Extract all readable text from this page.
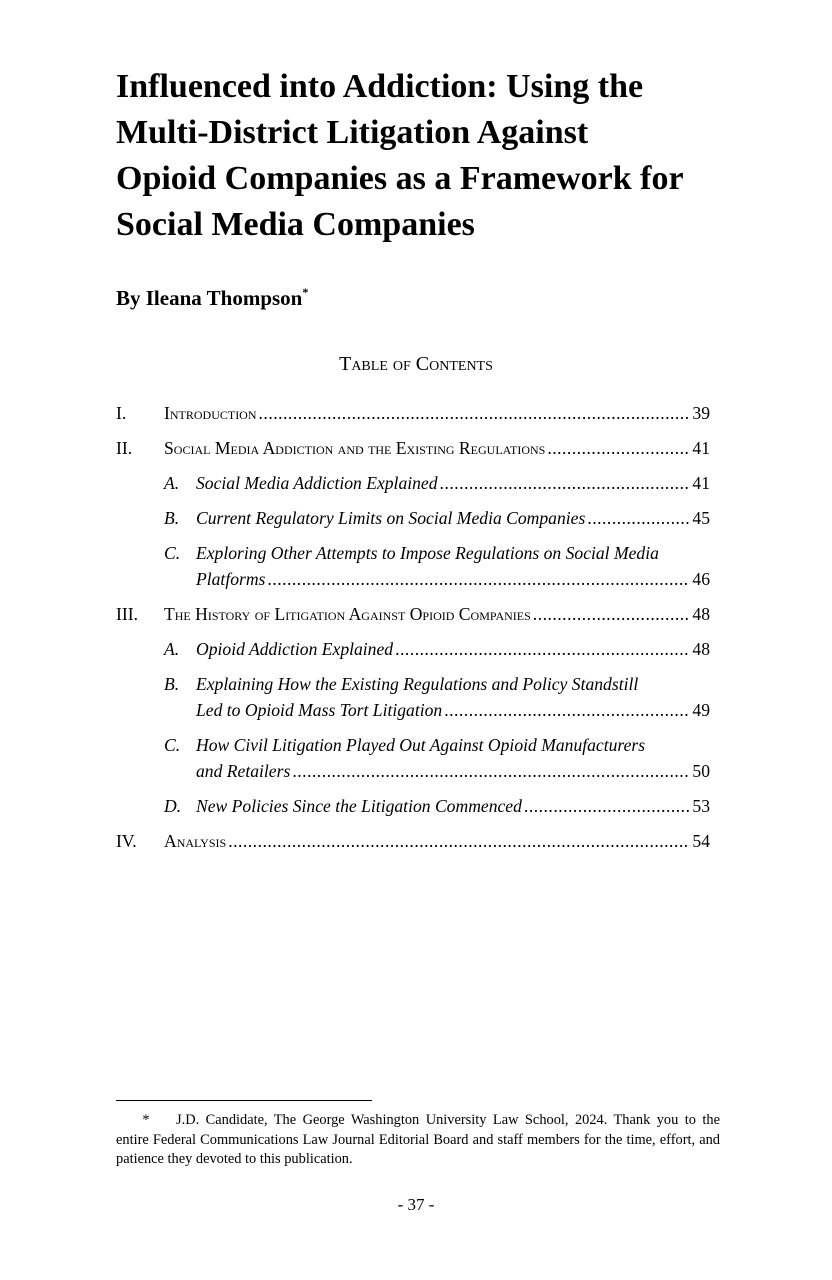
Influenced into Addiction: Using the
Multi-District Litigation Against
Opioid Companies as a Framework for
Social Media Companies

By Ileana Thompson*

Table of Contents

I. Introduction .....	39
II. Social Media Addiction and the Existing Regulations .....	41
A. Social Media Addiction Explained .....	41
B. Current Regulatory Limits on Social Media Companies .....	45
C. Exploring Other Attempts to Impose Regulations on Social Media
Platforms .....	46
III. The History of Litigation Against Opioid Companies .....	48
A. Opioid Addiction Explained .....	48
B. Explaining How the Existing Regulations and Policy Standstill
Led to Opioid Mass Tort Litigation .....	49
C. How Civil Litigation Played Out Against Opioid Manufacturers
and Retailers .....	50
D. New Policies Since the Litigation Commenced .....	53
IV. Analysis .....	54

* J.D. Candidate, The George Washington University Law School, 2024. Thank you to the entire Federal Communications Law Journal Editorial Board and staff members for the time, effort, and patience they devoted to this publication.

- 37 -
